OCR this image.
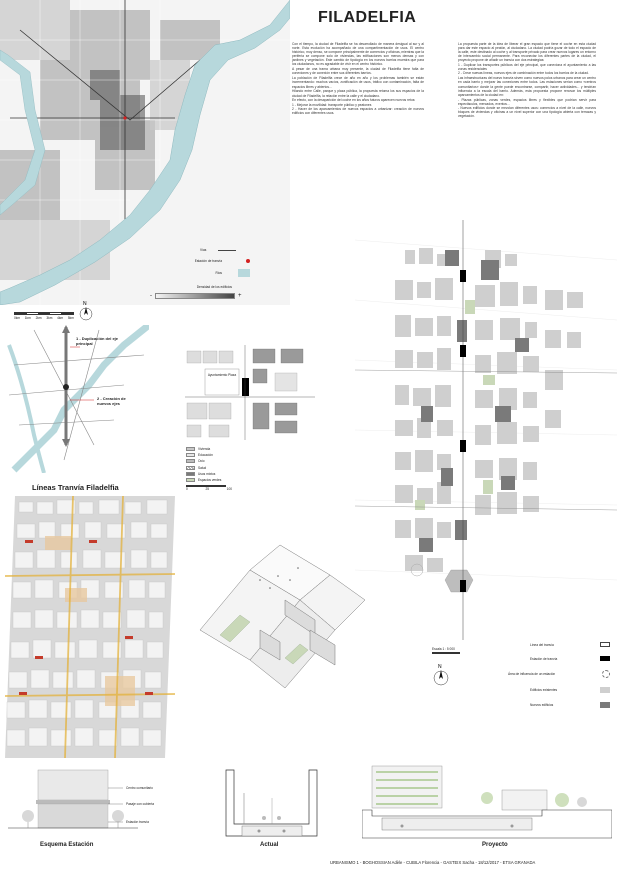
Vías
Estación de tranvía
Ríos
Densidad de los edificios
-	+
0km 1km 2km 3km 4km 5km
N
FILADELFIA

Con el tiempo, la ciudad de Filadelfia se ha desarrollado de manera desigual al sur y al norte. Esta evolución ha acompañado de una compartimentación de usos. El centro histórico, muy denso, se compone principalmente de comercios y oficinas, mientras que la periferia se compone solo de viviendas, las edificaciones son menos densas y con jardines y vegetación. Este cambio de tipología en los nuevos barrios muestra que para los ciudadanos, no es agradable de vivir en el centro histórico.

A pesar de una trama urbana muy presente, la ciudad de Filadelfia tiene falta de conexiones y de conexión entre sus diferentes barrios.

La población de Filadelfia crece de año en año y los problemas también se están incrementando: muchos vacíos, zonificación de usos, tráfico con contaminación, falta de espacios libres y abiertos...

Hilando entre Calle, parque y plaza pública, la propuesta retoma los sus espacios de la ciudad de Filadelfia, la relación entre la calle y el ciudadano.

En efecto, con la desaparición del coche en los años futuros aparecen nuevos retos:

1 - Mejorar la movilidad: transporte público y peatones

2 - Hacer de los aparcamientos de nuevos espacios a urbanizar: creación de nuevos edificios con diferentes usos.

La propuesta parte de la idea de liberar el gran espacio que tiene el coche en esta ciudad para dar este espacio al peatón, al ciudadano. La ciudad podría gozar de todo el espacio de la calle, este destinado al coche y al transporte privado para crear nuevos lugares un entorno de intercambio social permanente. Para reconectar los diferentes partes de la ciudad, el proyecto propone de añadir un tranvía con dos estrategias:

1 - Duplicar los transportes públicos del eje principal, que conexiona el ayuntamiento a las zonas residenciales

2 - Crear nuevas líneas, nuevos ejes de combinación entre todos los barrios de la ciudad.

Las infraestructuras del nuevo tranvía sirven como nuevos polos urbanos para crear un centro en cada barrio y mejorar las conexiones entre todos. Las estaciones serían como «centros comunitarios» donde la gente puede encontrarse, compartir, hacer actividades... y tendrían influencia a la escala del barrio. Además, esta propuesta propone renovar los múltiples aparcamientos de la ciudad en:

- Plazas públicas, zonas verdes, espacios libres y flexibles que podrían servir para espectáculos, mercados, eventos...

- Nuevos edificios donde se mezclan diferentes usos: comercios a nivel de la calle, nuevos bloques de viviendas y oficinas a un nivel superior con una tipología abierta con terrazas y vegetación.

1 - Duplicación del eje principal
2 - Creación de nuevos ejes
Ayuntamiento Plaza
Vivienda
Educación
Ocio
Salud
Usos mixtos
Espacios verdes
0	25	100
Escala 1 : 5 000
N
Línea del tranvía
Estación de tranvía
Área de influencia de un estación
Edificios existentes
Nuevos edificios
Líneas Tranvía Filadelfia
Centro comunitario
Pasaje con cubierta
Estación tranvía
Esquema Estación	Actual	Proyecto
URBANISMO 1 - BOGHOSSIAN Adèle - CUBILA Florencia - GASTEIX Sacha - 18/12/2017 - ETSA GRANADA
